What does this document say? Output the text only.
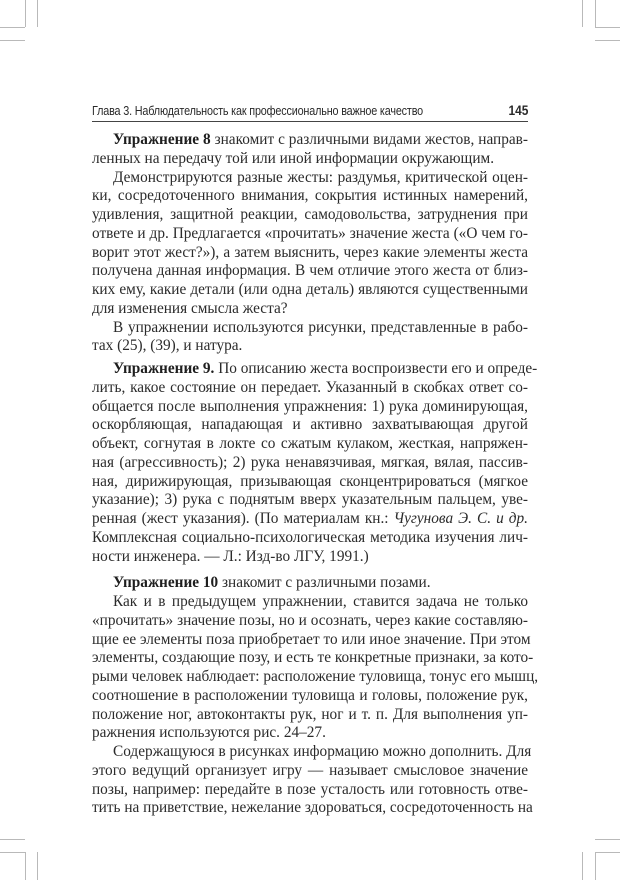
Глава 3. Наблюдательность как профессионально важное качество	145

Упражнение 8 знакомит с различными видами жестов, направ-
ленных на передачу той или иной информации окружающим.

Демонстрируются разные жесты: раздумья, критической оцен-
ки, сосредоточенного внимания, сокрытия истинных намерений,
удивления, защитной реакции, самодовольства, затруднения при
ответе и др. Предлагается «прочитать» значение жеста («О чем го-
ворит этот жест?»), а затем выяснить, через какие элементы жеста
получена данная информация. В чем отличие этого жеста от близ-
ких ему, какие детали (или одна деталь) являются существенными
для изменения смысла жеста?

В упражнении используются рисунки, представленные в рабо-
тах (25), (39), и натура.

Упражнение 9. По описанию жеста воспроизвести его и опреде-
лить, какое состояние он передает. Указанный в скобках ответ со-
общается после выполнения упражнения: 1) рука доминирующая,
оскорбляющая, нападающая и активно захватывающая другой
объект, согнутая в локте со сжатым кулаком, жесткая, напряжен-
ная (агрессивность); 2) рука ненавязчивая, мягкая, вялая, пассив-
ная, дирижирующая, призывающая сконцентрироваться (мягкое
указание); 3) рука с поднятым вверх указательным пальцем, уве-
ренная (жест указания). (По материалам кн.: Чугунова Э. С. и др.
Комплексная социально-психологическая методика изучения лич-
ности инженера. — Л.: Изд-во ЛГУ, 1991.)

Упражнение 10 знакомит с различными позами.

Как и в предыдущем упражнении, ставится задача не только
«прочитать» значение позы, но и осознать, через какие составляю-
щие ее элементы поза приобретает то или иное значение. При этом
элементы, создающие позу, и есть те конкретные признаки, за кото-
рыми человек наблюдает: расположение туловища, тонус его мышц,
соотношение в расположении туловища и головы, положение рук,
положение ног, автоконтакты рук, ног и т. п. Для выполнения уп-
ражнения используются рис. 24–27.

Содержащуюся в рисунках информацию можно дополнить. Для
этого ведущий организует игру — называет смысловое значение
позы, например: передайте в позе усталость или готовность отве-
тить на приветствие, нежелание здороваться, сосредоточенность на
